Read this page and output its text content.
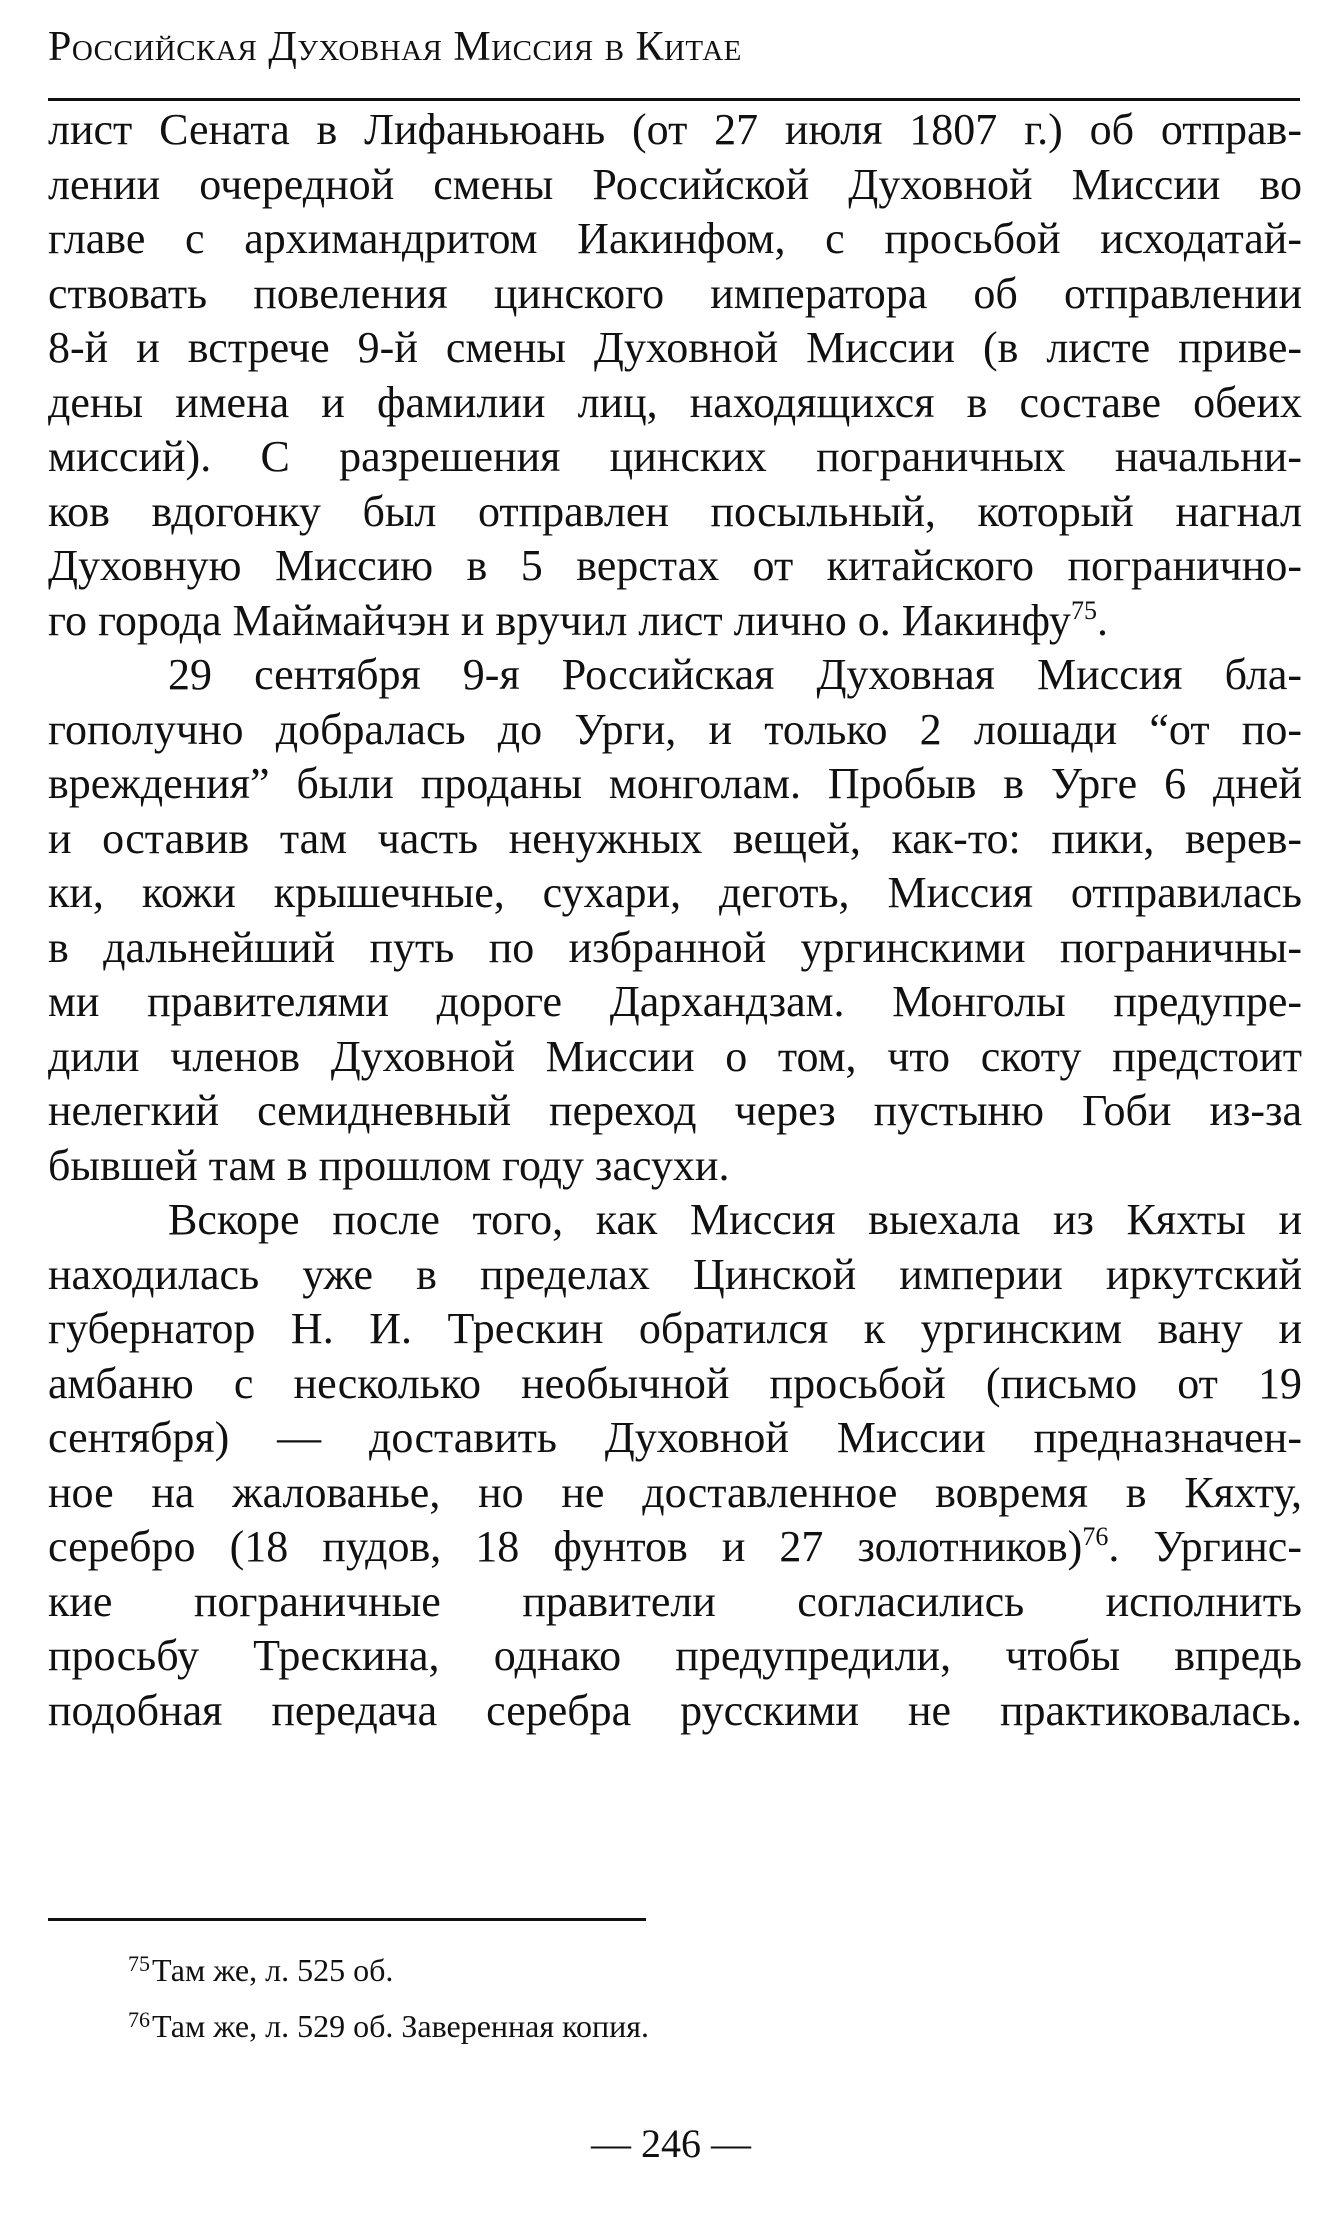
Российская Духовная Миссия в Китае
лист Сената в Лифаньюань (от 27 июля 1807 г.) об отправ-
лении очередной смены Российской Духовной Миссии во
главе с архимандритом Иакинфом, с просьбой исходатай-
ствовать повеления цинского императора об отправлении
8-й и встрече 9-й смены Духовной Миссии (в листе приве-
дены имена и фамилии лиц, находящихся в составе обеих
миссий). С разрешения цинских пограничных начальни-
ков вдогонку был отправлен посыльный, который нагнал
Духовную Миссию в 5 верстах от китайского погранично-
го города Маймайчэн и вручил лист лично о. Иакинфу$^{75}$.
29 сентября 9-я Российская Духовная Миссия бла-
гополучно добралась до Урги, и только 2 лошади “от по-
вреждения” были проданы монголам. Пробыв в Урге 6 дней
и оставив там часть ненужных вещей, как-то: пики, верев-
ки, кожи крышечные, сухари, деготь, Миссия отправилась
в дальнейший путь по избранной ургинскими пограничны-
ми правителями дороге Дархандзам. Монголы предупре-
дили членов Духовной Миссии о том, что скоту предстоит
нелегкий семидневный переход через пустыню Гоби из-за
бывшей там в прошлом году засухи.
Вскоре после того, как Миссия выехала из Кяхты и
находилась уже в пределах Цинской империи иркутский
губернатор Н. И. Трескин обратился к ургинским вану и
амбаню с несколько необычной просьбой (письмо от 19
сентября) — доставить Духовной Миссии предназначен-
ное на жалованье, но не доставленное вовремя в Кяхту,
серебро (18 пудов, 18 фунтов и 27 золотников)$^{76}$. Ургинс-
кие пограничные правители согласились исполнить
просьбу Трескина, однако предупредили, чтобы впредь
подобная передача серебра русскими не практиковалась.
$^{75}$Там же, л. 525 об.
$^{76}$Там же, л. 529 об. Заверенная копия.
— 246 —
